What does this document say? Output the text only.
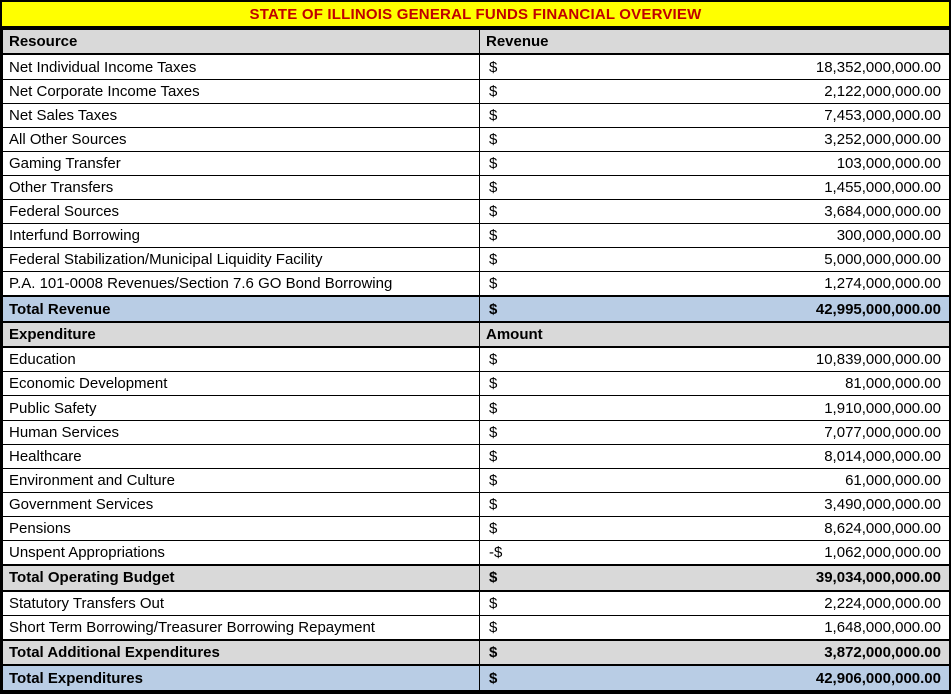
STATE OF ILLINOIS GENERAL FUNDS FINANCIAL OVERVIEW
Resource	Revenue
Net Individual Income Taxes	$ 18,352,000,000.00

Net Corporate Income Taxes	$ 2,122,000,000.00

Net Sales Taxes	$ 7,453,000,000.00

All Other Sources	$ 3,252,000,000.00

Gaming Transfer	$ 103,000,000.00

Other Transfers	$ 1,455,000,000.00

Federal Sources	$ 3,684,000,000.00

Interfund Borrowing	$ 300,000,000.00

Federal Stabilization/Municipal Liquidity Facility	$ 5,000,000,000.00

P.A. 101-0008 Revenues/Section 7.6 GO Bond Borrowing	$ 1,274,000,000.00

Total Revenue	$ 42,995,000,000.00

Expenditure	Amount
Education	$ 10,839,000,000.00

Economic Development	$ 81,000,000.00

Public Safety	$ 1,910,000,000.00

Human Services	$ 7,077,000,000.00

Healthcare	$ 8,014,000,000.00

Environment and Culture	$ 61,000,000.00

Government Services	$ 3,490,000,000.00

Pensions	$ 8,624,000,000.00

Unspent Appropriations	-$ 1,062,000,000.00

Total Operating Budget	$ 39,034,000,000.00

Statutory Transfers Out	$ 2,224,000,000.00

Short Term Borrowing/Treasurer Borrowing Repayment	$ 1,648,000,000.00

Total Additional Expenditures	$ 3,872,000,000.00

Total Expenditures	$ 42,906,000,000.00
